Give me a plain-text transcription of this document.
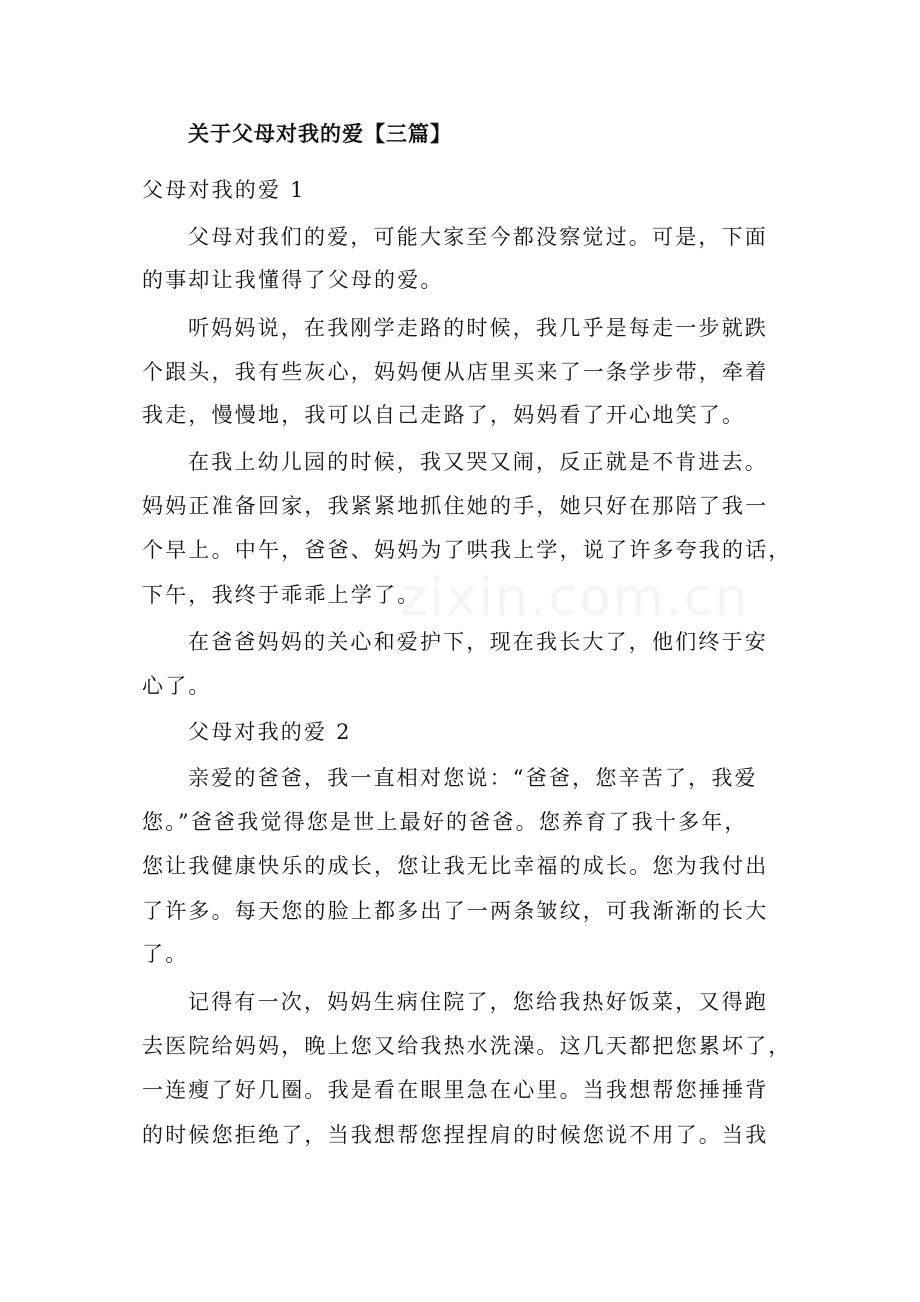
关于父母对我的爱【三篇】
父母对我的爱 1
父母对我们的爱，可能大家至今都没察觉过。可是，下面
的事却让我懂得了父母的爱。
听妈妈说，在我刚学走路的时候，我几乎是每走一步就跌
个跟头，我有些灰心，妈妈便从店里买来了一条学步带，牵着
我走，慢慢地，我可以自己走路了，妈妈看了开心地笑了。
在我上幼儿园的时候，我又哭又闹，反正就是不肯进去。
妈妈正准备回家，我紧紧地抓住她的手，她只好在那陪了我一
个早上。中午，爸爸、妈妈为了哄我上学，说了许多夸我的话，
下午，我终于乖乖上学了。
在爸爸妈妈的关心和爱护下，现在我长大了，他们终于安
心了。
父母对我的爱 2
亲爱的爸爸，我一直相对您说：“爸爸，您辛苦了，我爱
您。”爸爸我觉得您是世上最好的爸爸。您养育了我十多年，
您让我健康快乐的成长，您让我无比幸福的成长。您为我付出
了许多。每天您的脸上都多出了一两条皱纹，可我渐渐的长大
了。
记得有一次，妈妈生病住院了，您给我热好饭菜，又得跑
去医院给妈妈，晚上您又给我热水洗澡。这几天都把您累坏了，
一连瘦了好几圈。我是看在眼里急在心里。当我想帮您捶捶背
的时候您拒绝了，当我想帮您捏捏肩的时候您说不用了。当我
